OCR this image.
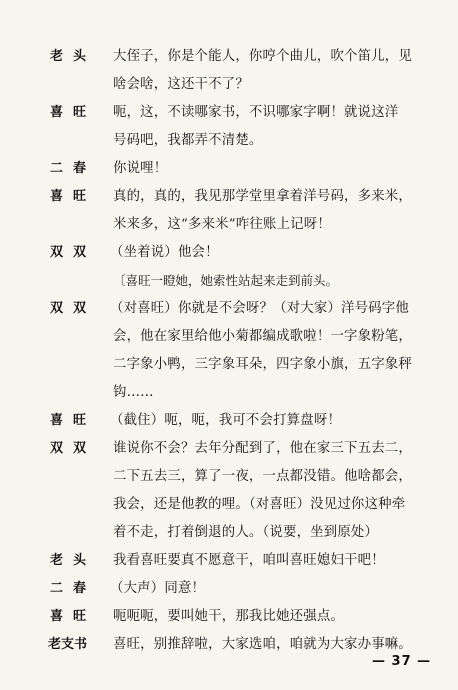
老头	大侄子，你是个能人，你哼个曲儿，吹个笛儿，见
啥会啥，这还干不了？
喜旺	呃，这，不读哪家书，不识哪家字啊！就说这洋
号码吧，我都弄不清楚。
二春	你说哩！
喜旺	真的，真的，我见那学堂里拿着洋号码，多来米，
米来多，这“多来米”咋往账上记呀！
双双	（坐着说）他会！
〔喜旺一瞪她，她索性站起来走到前头。
双双	（对喜旺）你就是不会呀？（对大家）洋号码字他
会，他在家里给他小菊都编成歌啦！一字象粉笔，
二字象小鸭，三字象耳朵，四字象小旗，五字象秤
钩……
喜旺	（截住）呃，呃，我可不会打算盘呀！
双双	谁说你不会？去年分配到了，他在家三下五去二，
二下五去三，算了一夜，一点都没错。他啥都会，
我会，还是他教的哩。（对喜旺）没见过你这种牵
着不走，打着倒退的人。（说要，坐到原处）
老头	我看喜旺要真不愿意干，咱叫喜旺媳妇干吧！
二春	（大声）同意！
喜旺	呃呃呃，要叫她干，那我比她还强点。
老支书	喜旺，别推辞啦，大家选咱，咱就为大家办事嘛。
— 37 —
